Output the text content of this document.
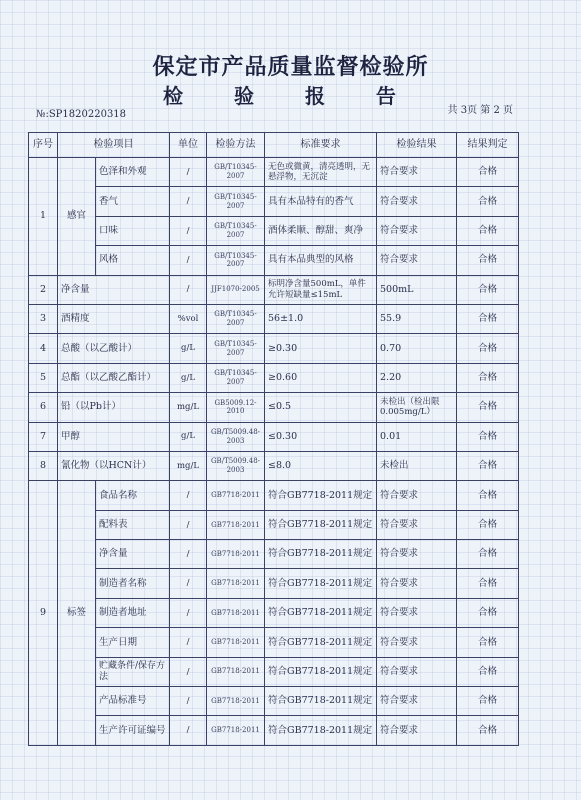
保定市产品质量监督检验所
检 验 报 告
№:SP1820220318	共 3页 第 2 页
序号	检验项目		单位	检验方法	标准要求	检验结果	结果判定
1	感官	色泽和外观	/	GB/T10345-2007	无色或微黄，清亮透明，无悬浮物，无沉淀	符合要求	合格
		香气	/	GB/T10345-2007	具有本品特有的香气	符合要求	合格
		口味	/	GB/T10345-2007	酒体柔顺、醇甜、爽净	符合要求	合格
		风格	/	GB/T10345-2007	具有本品典型的风格	符合要求	合格
2	净含量		/	JJF1070-2005	标明净含量500mL，单件允许短缺量≤15mL	500mL	合格
3	酒精度		%vol	GB/T10345-2007	56±1.0	55.9	合格
4	总酸（以乙酸计）		g/L	GB/T10345-2007	≥0.30	0.70	合格
5	总酯（以乙酸乙酯计）		g/L	GB/T10345-2007	≥0.60	2.20	合格
6	铅（以Pb计）		mg/L	GB5009.12-2010	≤0.5	未检出（检出限0.005mg/L）	合格
7	甲醇		g/L	GB/T5009.48-2003	≤0.30	0.01	合格
8	氰化物（以HCN计）		mg/L	GB/T5009.48-2003	≤8.0	未检出	合格
9	标签	食品名称	/	GB7718-2011	符合GB7718-2011规定	符合要求	合格
		配料表	/	GB7718-2011	符合GB7718-2011规定	符合要求	合格
		净含量	/	GB7718-2011	符合GB7718-2011规定	符合要求	合格
		制造者名称	/	GB7718-2011	符合GB7718-2011规定	符合要求	合格
		制造者地址	/	GB7718-2011	符合GB7718-2011规定	符合要求	合格
		生产日期	/	GB7718-2011	符合GB7718-2011规定	符合要求	合格
		贮藏条件/保存方法	/	GB7718-2011	符合GB7718-2011规定	符合要求	合格
		产品标准号	/	GB7718-2011	符合GB7718-2011规定	符合要求	合格
		生产许可证编号	/	GB7718-2011	符合GB7718-2011规定	符合要求	合格
